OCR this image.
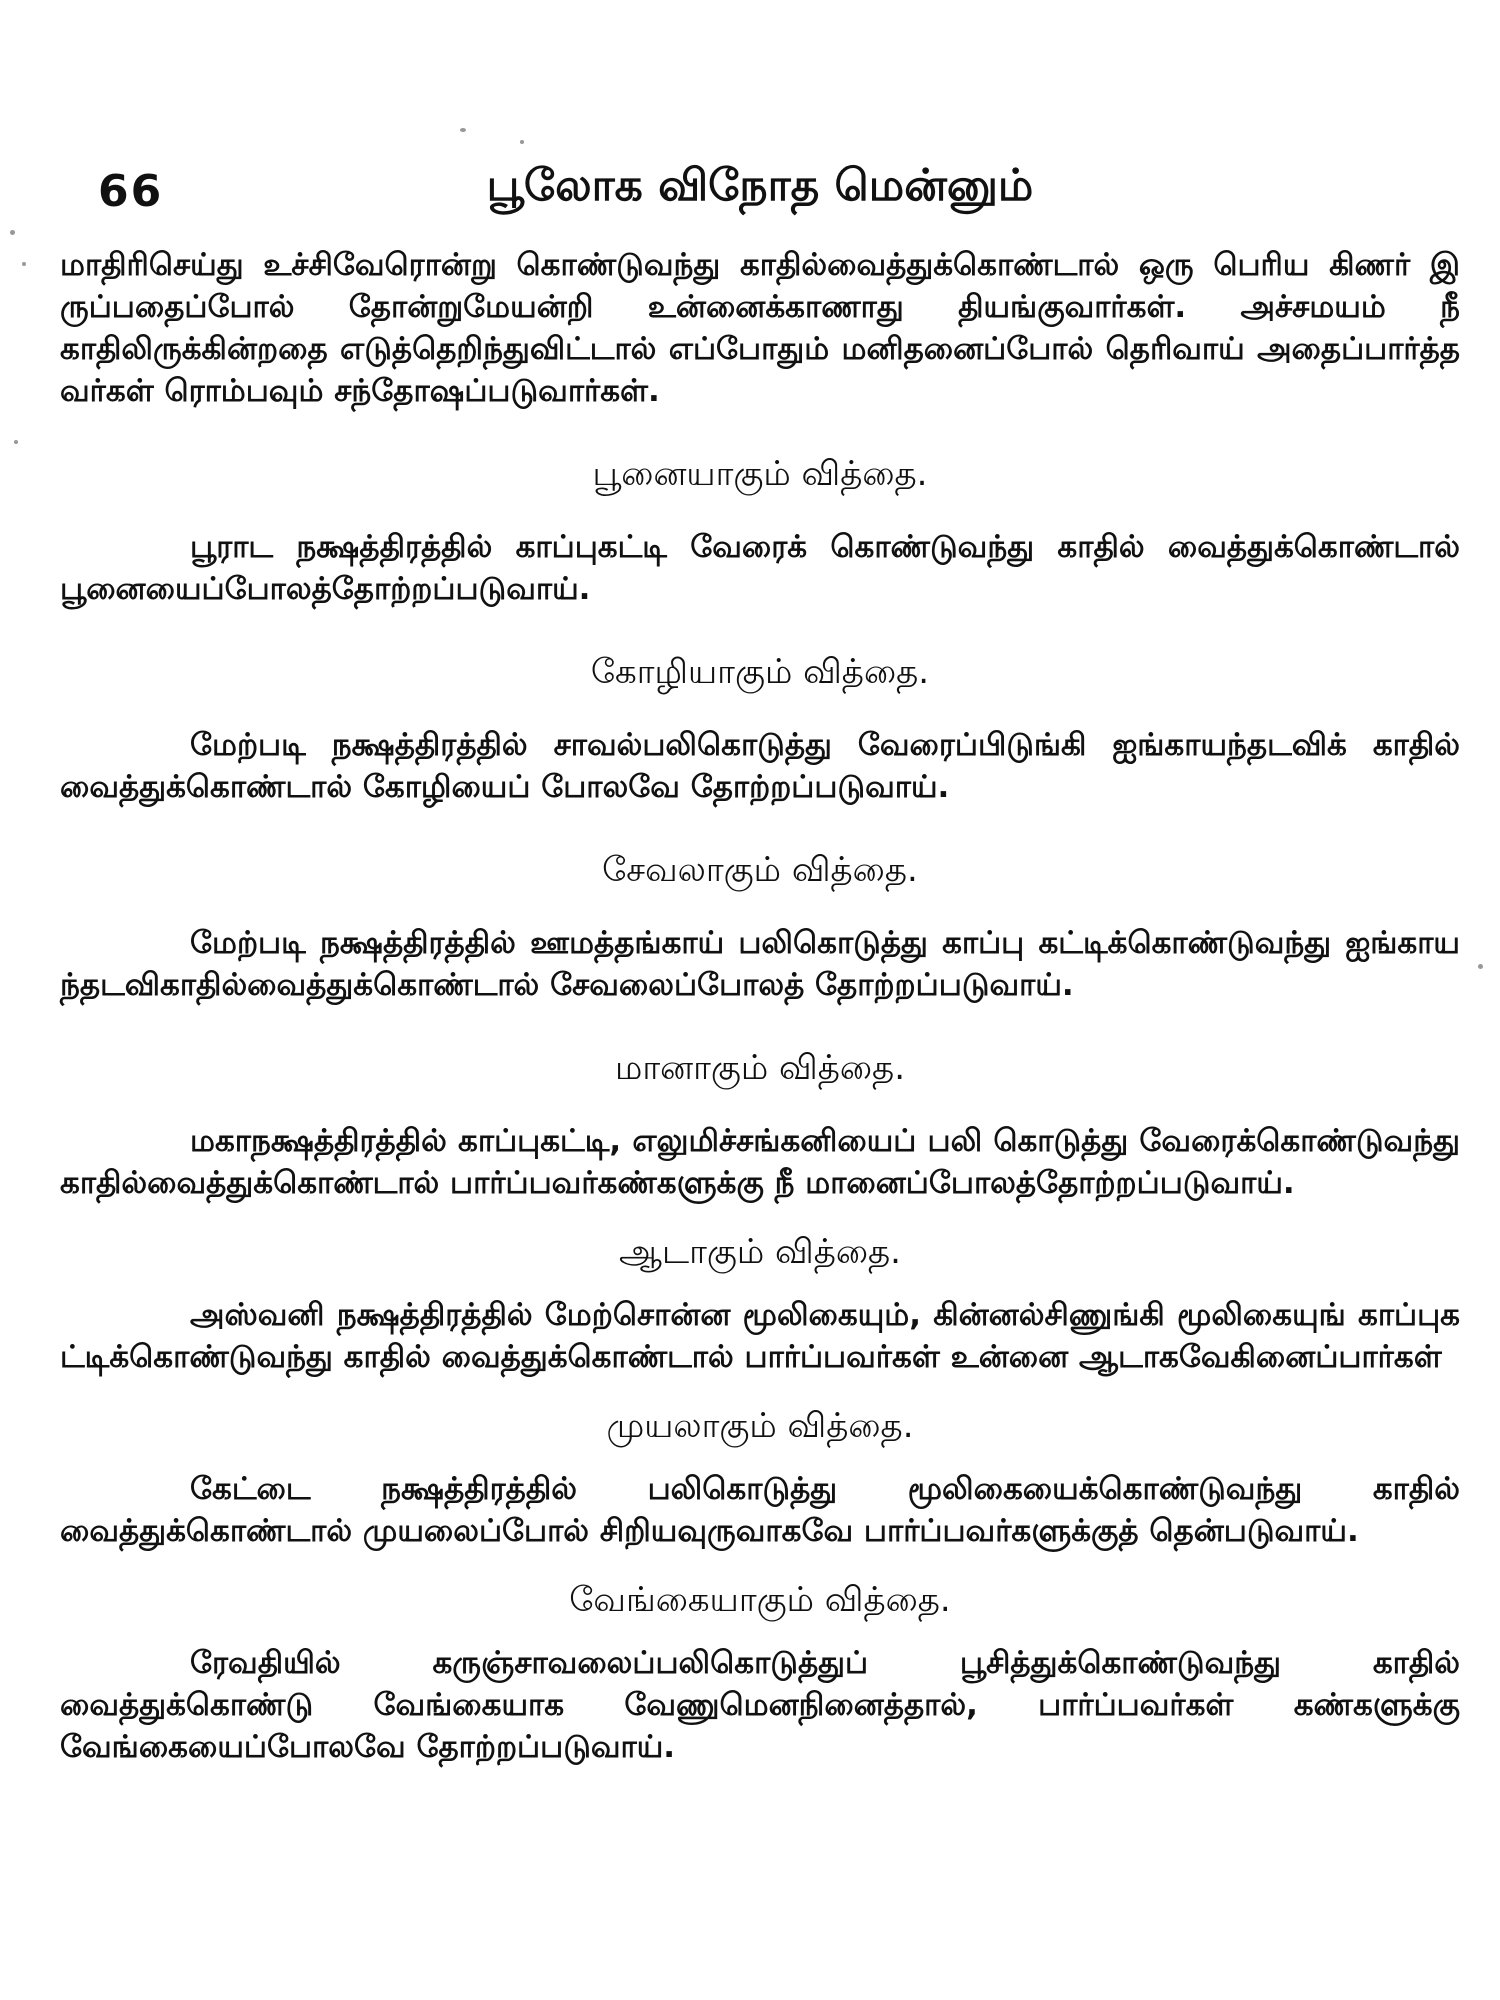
66	பூலோக விநோத மென்னும்

மாதிரிசெய்து உச்சிவேரொன்று கொண்டுவந்து காதில்வைத்துக்கொண்டால் ஒரு பெரிய கிணர் இருப்பதைப்போல் தோன்றுமேயன்றி உன்னைக்காணாது தியங்குவார்கள். அச்சமயம் நீ காதிலிருக்கின்றதை எடுத்தெறிந்துவிட்டால் எப்போதும் மனிதனைப்போல் தெரிவாய் அதைப்பார்த்தவர்கள் ரொம்பவும் சந்தோஷப்படுவார்கள்.

பூனையாகும் வித்தை.

பூராட நக்ஷத்திரத்தில் காப்புகட்டி வேரைக் கொண்டுவந்து காதில் வைத்துக்கொண்டால் பூனையைப்போலத்தோற்றப்படுவாய்.

கோழியாகும் வித்தை.

மேற்படி நக்ஷத்திரத்தில் சாவல்பலிகொடுத்து வேரைப்பிடுங்கி ஐங்காயந்தடவிக் காதில் வைத்துக்கொண்டால் கோழியைப் போலவே தோற்றப்படுவாய்.

சேவலாகும் வித்தை.

மேற்படி நக்ஷத்திரத்தில் ஊமத்தங்காய் பலிகொடுத்து காப்பு கட்டிக்கொண்டுவந்து ஐங்காயந்தடவிகாதில்வைத்துக்கொண்டால் சேவலைப்போலத் தோற்றப்படுவாய்.

மானாகும் வித்தை.

மகாநக்ஷத்திரத்தில் காப்புகட்டி, எலுமிச்சங்கனியைப் பலி கொடுத்து வேரைக்கொண்டுவந்து காதில்வைத்துக்கொண்டால் பார்ப்பவர்கண்களுக்கு நீ மானைப்போலத்தோற்றப்படுவாய்.

ஆடாகும் வித்தை.

அஸ்வனி நக்ஷத்திரத்தில் மேற்சொன்ன மூலிகையும், கின்னல்சிணுங்கி மூலிகையுங் காப்புகட்டிக்கொண்டுவந்து காதில் வைத்துக்கொண்டால் பார்ப்பவர்கள் உன்னை ஆடாகவேகினைப்பார்கள்

முயலாகும் வித்தை.

கேட்டை நக்ஷத்திரத்தில் பலிகொடுத்து மூலிகையைக்கொண்டுவந்து காதில் வைத்துக்கொண்டால் முயலைப்போல் சிறியவுருவாகவே பார்ப்பவர்களுக்குத் தென்படுவாய்.

வேங்கையாகும் வித்தை.

ரேவதியில் கருஞ்சாவலைப்பலிகொடுத்துப் பூசித்துக்கொண்டுவந்து காதில் வைத்துக்கொண்டு வேங்கையாக வேணுமெனநினைத்தால், பார்ப்பவர்கள் கண்களுக்கு வேங்கையைப்போலவே தோற்றப்படுவாய்.
